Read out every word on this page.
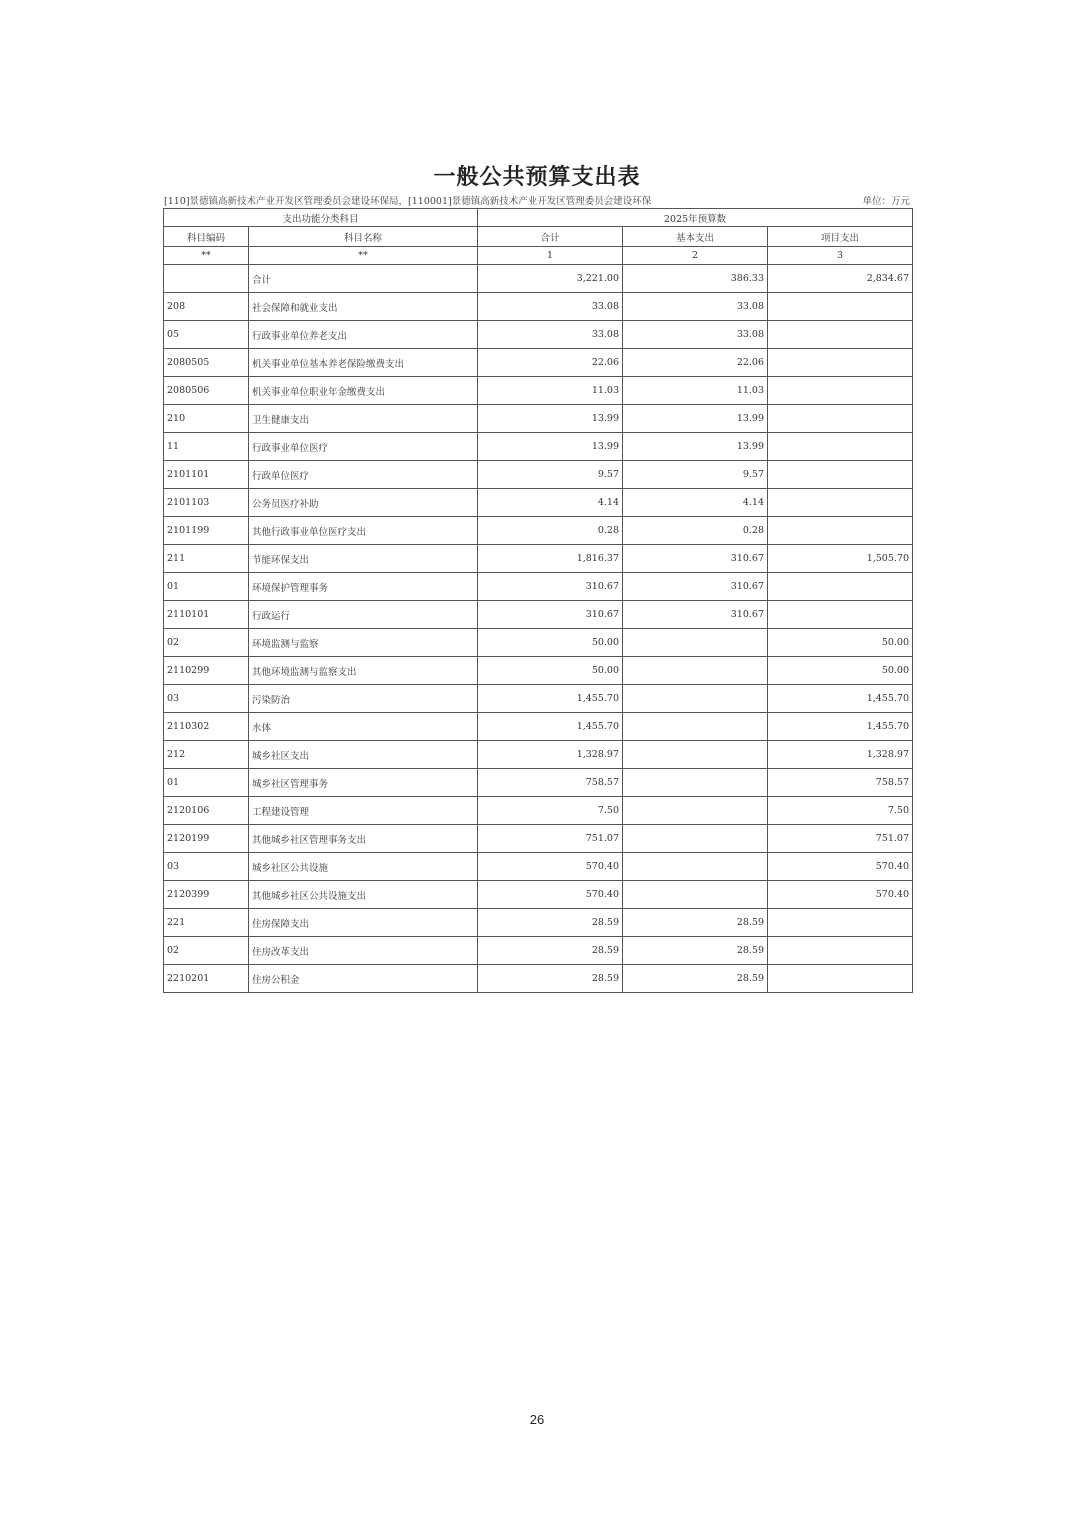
一般公共预算支出表
[110]景德镇高新技术产业开发区管理委员会建设环保局，[110001]景德镇高新技术产业开发区管理委员会建设环保	单位：万元
支出功能分类科目		2025年预算数		
科目编码	科目名称	合计	基本支出	项目支出
**	**	1	2	3
	合计	3,221.00	386.33	2,834.67
208	社会保障和就业支出	33.08	33.08	
05	行政事业单位养老支出	33.08	33.08	
2080505	机关事业单位基本养老保险缴费支出	22.06	22.06	
2080506	机关事业单位职业年金缴费支出	11.03	11.03	
210	卫生健康支出	13.99	13.99	
11	行政事业单位医疗	13.99	13.99	
2101101	行政单位医疗	9.57	9.57	
2101103	公务员医疗补助	4.14	4.14	
2101199	其他行政事业单位医疗支出	0.28	0.28	
211	节能环保支出	1,816.37	310.67	1,505.70
01	环境保护管理事务	310.67	310.67	
2110101	行政运行	310.67	310.67	
02	环境监测与监察	50.00		50.00
2110299	其他环境监测与监察支出	50.00		50.00
03	污染防治	1,455.70		1,455.70
2110302	水体	1,455.70		1,455.70
212	城乡社区支出	1,328.97		1,328.97
01	城乡社区管理事务	758.57		758.57
2120106	工程建设管理	7.50		7.50
2120199	其他城乡社区管理事务支出	751.07		751.07
03	城乡社区公共设施	570.40		570.40
2120399	其他城乡社区公共设施支出	570.40		570.40
221	住房保障支出	28.59	28.59	
02	住房改革支出	28.59	28.59	
2210201	住房公积金	28.59	28.59	
26
